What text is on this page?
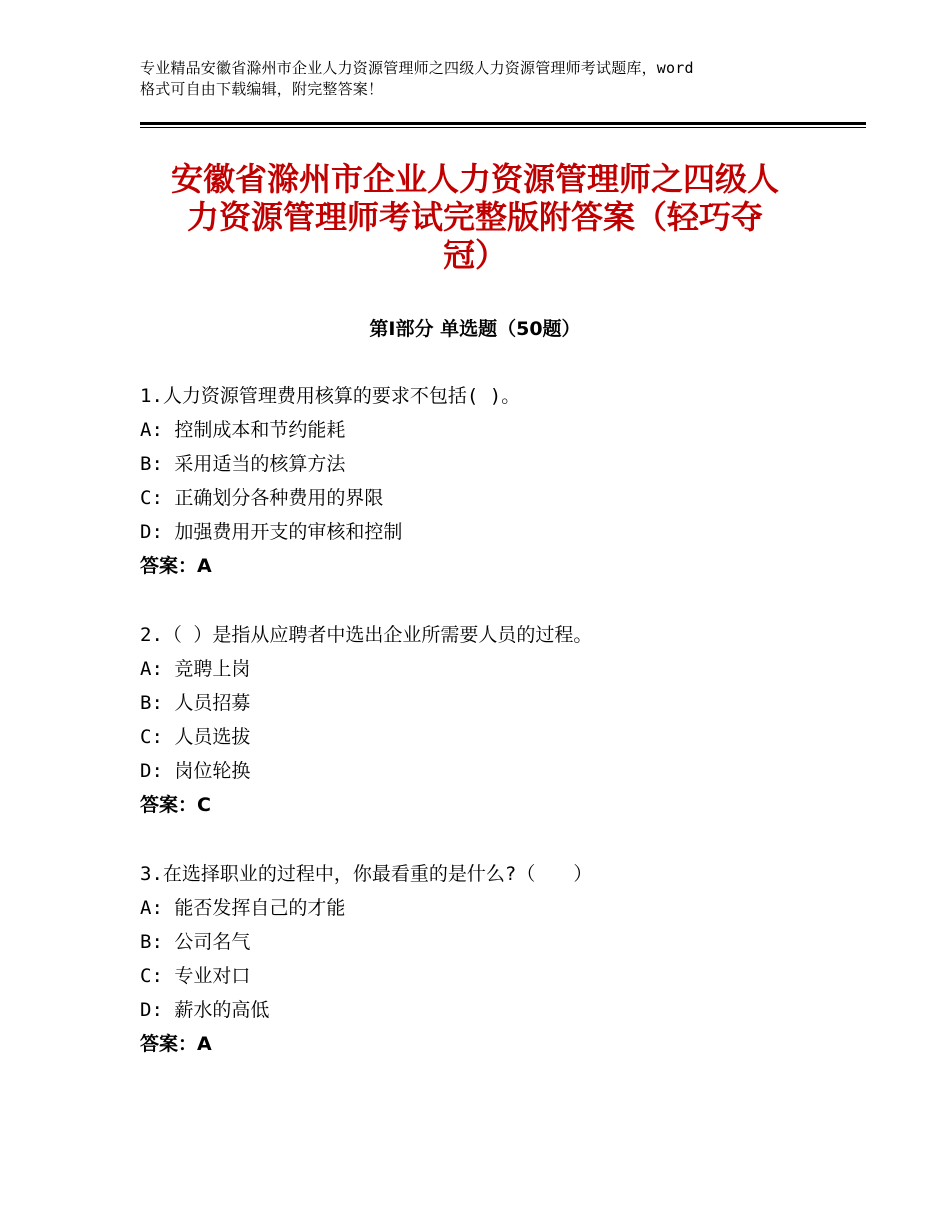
专业精品安徽省滁州市企业人力资源管理师之四级人力资源管理师考试题库，word
格式可自由下载编辑，附完整答案！
安徽省滁州市企业人力资源管理师之四级人
力资源管理师考试完整版附答案（轻巧夺
冠）
第Ⅰ部分 单选题（50题）
1.人力资源管理费用核算的要求不包括( )。
A: 控制成本和节约能耗
B: 采用适当的核算方法
C: 正确划分各种费用的界限
D: 加强费用开支的审核和控制
答案：A
2.（ ）是指从应聘者中选出企业所需要人员的过程。
A: 竞聘上岗
B: 人员招募
C: 人员选拔
D: 岗位轮换
答案：C
3.在选择职业的过程中，你最看重的是什么?（　　）
A: 能否发挥自己的才能
B: 公司名气
C: 专业对口
D: 薪水的高低
答案：A
